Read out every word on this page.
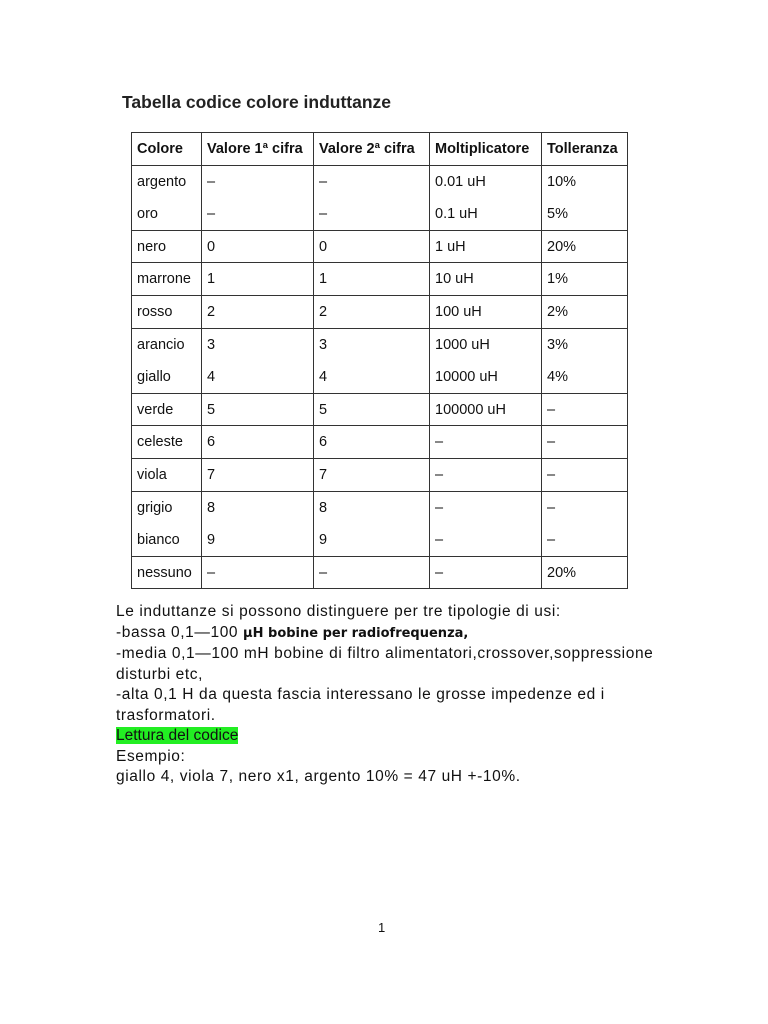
Tabella codice colore induttanze
Colore	Valore 1ª cifra	Valore 2ª cifra	Moltiplicatore	Tolleranza
argento	–	–	0.01 uH	10%
oro	–	–	0.1 uH	5%
nero	0	0	1 uH	20%
marrone	1	1	10 uH	1%
rosso	2	2	100 uH	2%
arancio	3	3	1000 uH	3%
giallo	4	4	10000 uH	4%
verde	5	5	100000 uH	–
celeste	6	6	–	–
viola	7	7	–	–
grigio	8	8	–	–
bianco	9	9	–	–
nessuno	–	–	–	20%

Le induttanze si possono distinguere per tre tipologie di usi:

-bassa 0,1—100 µH bobine per radiofrequenza,

-media 0,1—100 mH bobine di filtro alimentatori,crossover,soppressione disturbi etc,

-alta 0,1 H da questa fascia interessano le grosse impedenze ed i trasformatori.

Lettura del codice

Esempio:

giallo 4, viola 7, nero x1, argento 10% = 47 uH +-10%.

1
